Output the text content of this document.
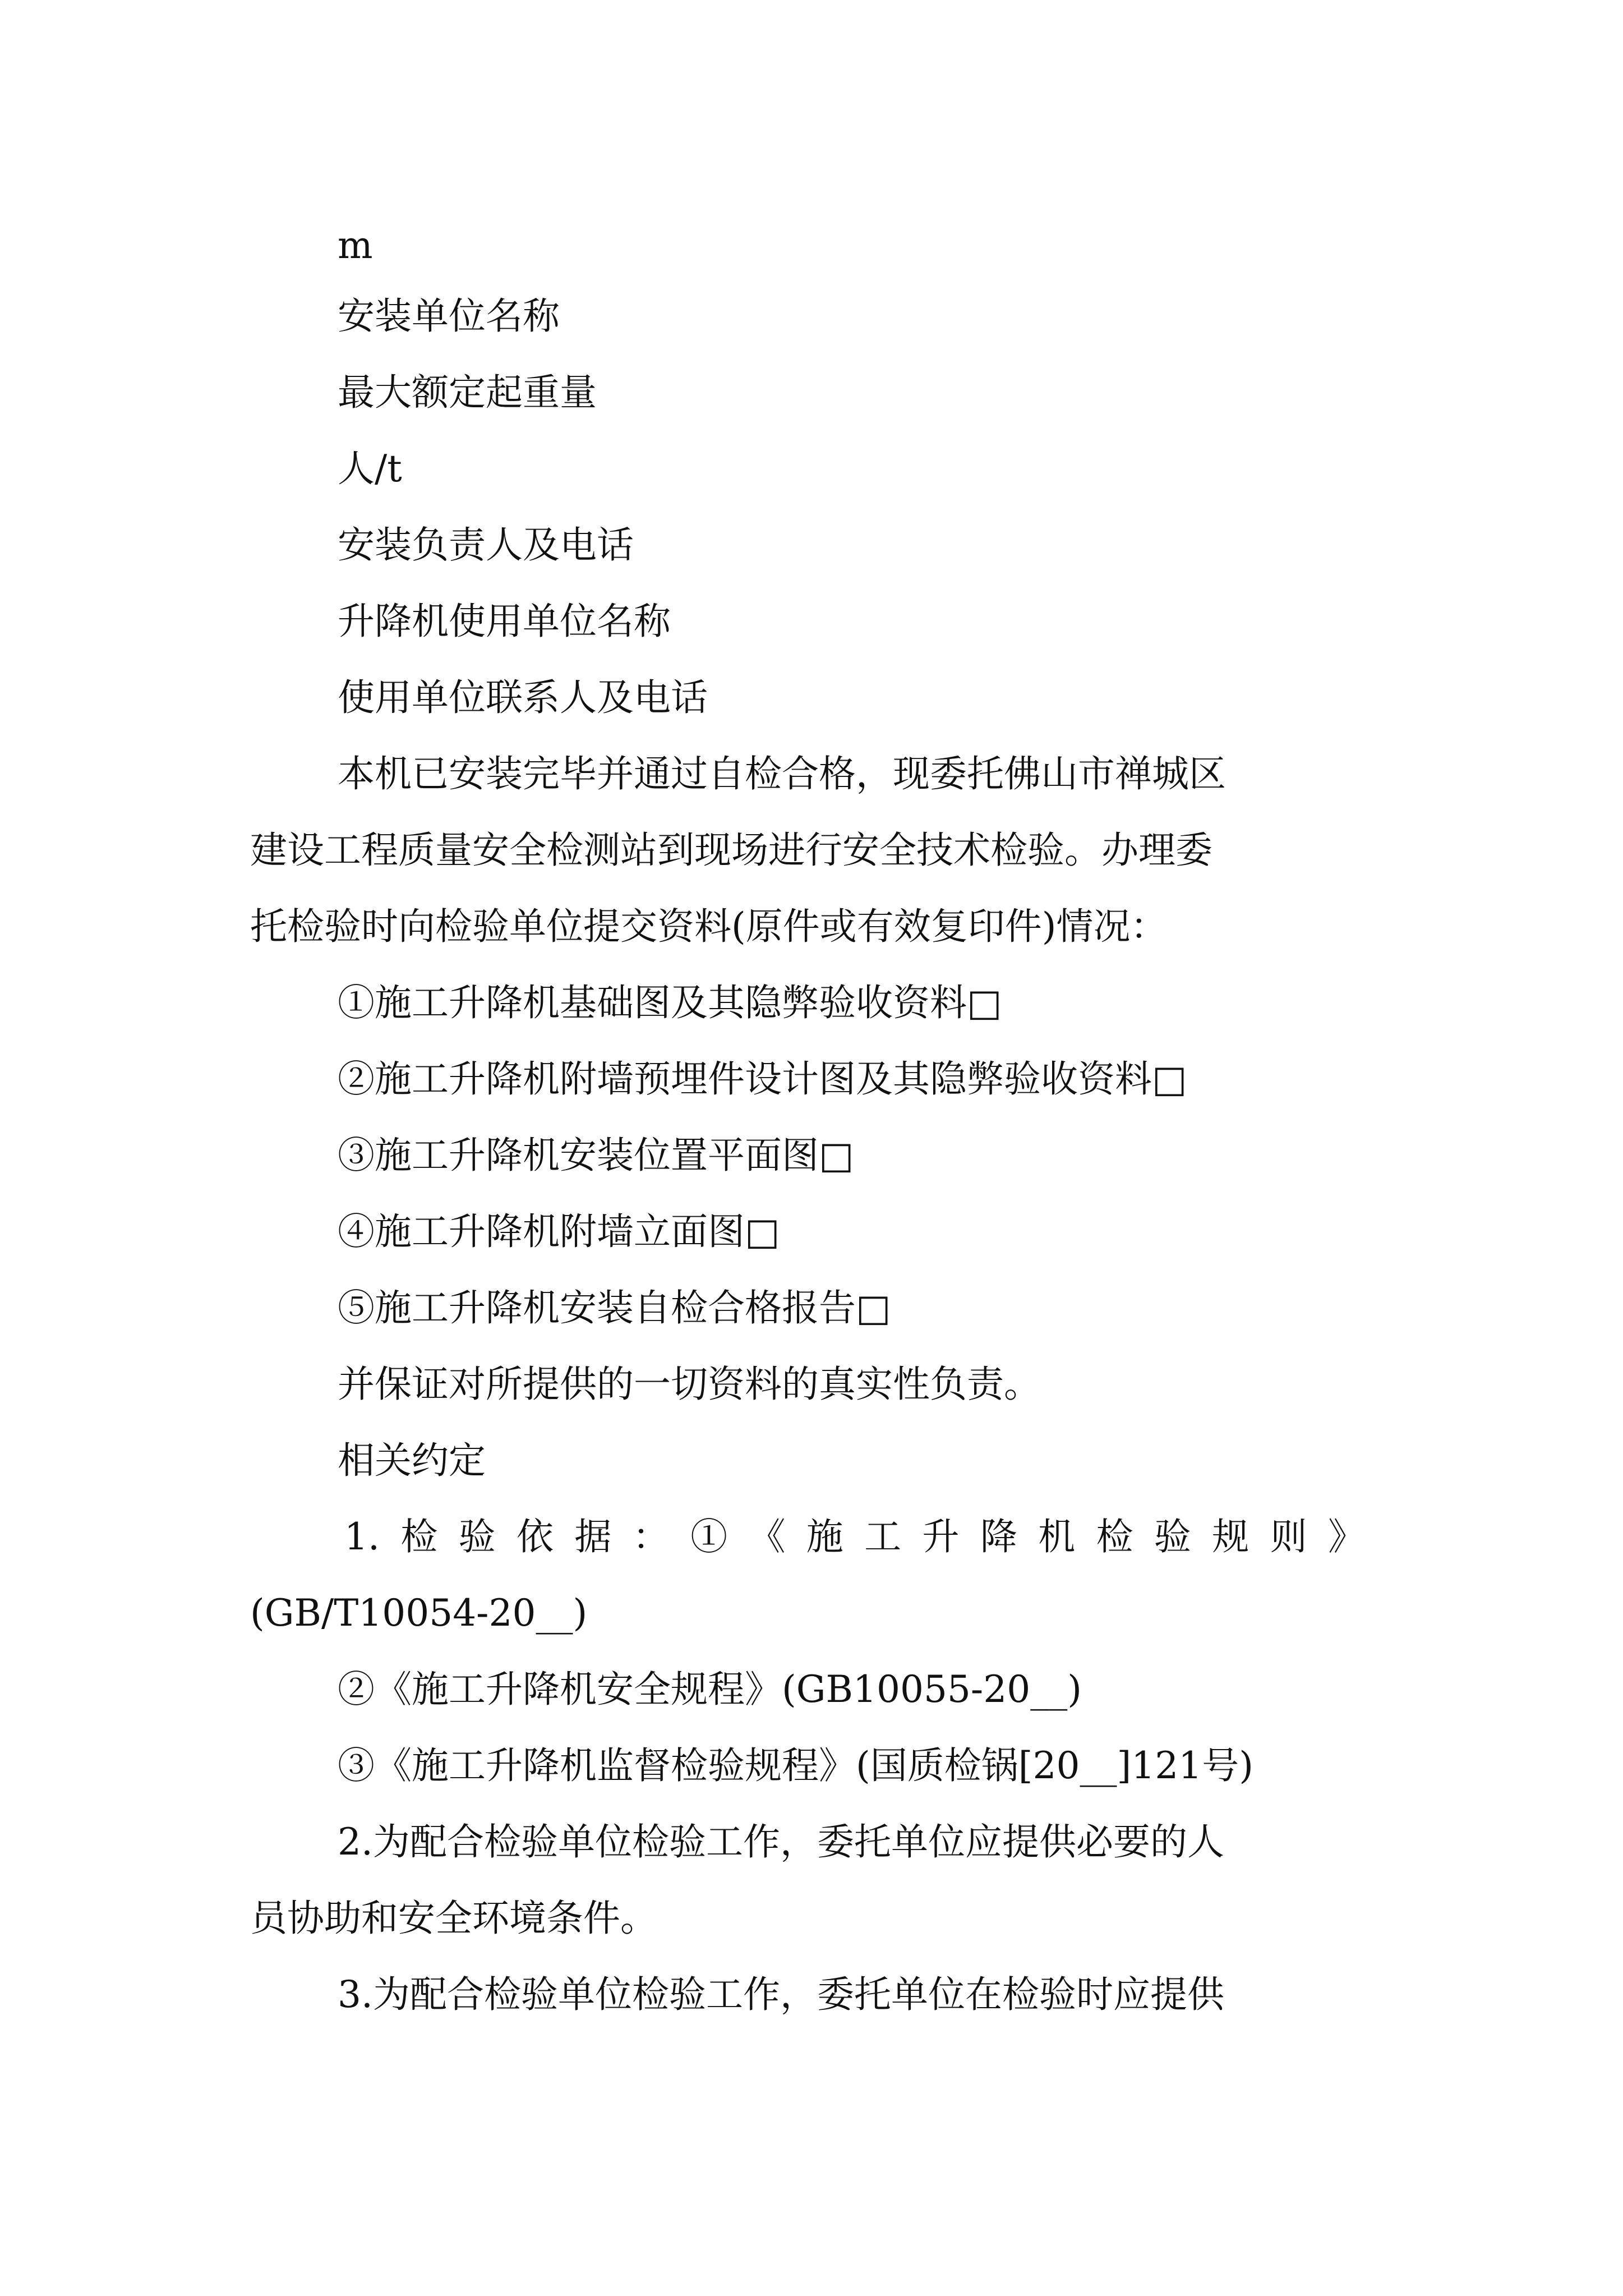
m
安装单位名称
最大额定起重量
人/t
安装负责人及电话
升降机使用单位名称
使用单位联系人及电话
本机已安装完毕并通过自检合格，现委托佛山市禅城区
建设工程质量安全检测站到现场进行安全技术检验。办理委
托检验时向检验单位提交资料(原件或有效复印件)情况：
①施工升降机基础图及其隐弊验收资料□
②施工升降机附墙预埋件设计图及其隐弊验收资料□
③施工升降机安装位置平面图□
④施工升降机附墙立面图□
⑤施工升降机安装自检合格报告□
并保证对所提供的一切资料的真实性负责。
相关约定
1.检验依据：①《施工升降机检验规则》
(GB/T10054-20__)
②《施工升降机安全规程》(GB10055-20__)
③《施工升降机监督检验规程》(国质检锅[20__]121号)
2.为配合检验单位检验工作，委托单位应提供必要的人
员协助和安全环境条件。
3.为配合检验单位检验工作，委托单位在检验时应提供
